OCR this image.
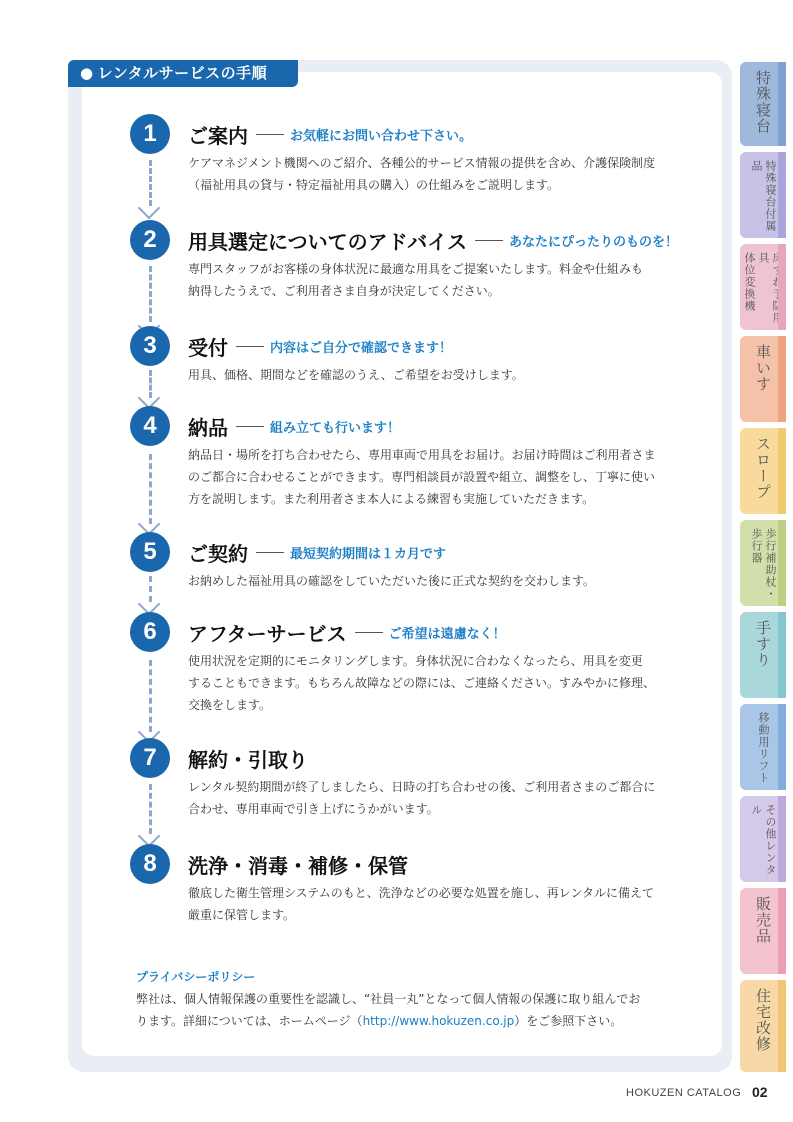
● レンタルサービスの手順
1	ご案内	お気軽にお問い合わせ下さい。
ケアマネジメント機関へのご紹介、各種公的サービス情報の提供を含め、介護保険制度
（福祉用具の貸与・特定福祉用具の購入）の仕組みをご説明します。
2	用具選定についてのアドバイス	あなたにぴったりのものを！
専門スタッフがお客様の身体状況に最適な用具をご提案いたします。料金や仕組みも
納得したうえで、ご利用者さま自身が決定してください。
3	受付	内容はご自分で確認できます！
用具、価格、期間などを確認のうえ、ご希望をお受けします。
4	納品	組み立ても行います！
納品日・場所を打ち合わせたら、専用車両で用具をお届け。お届け時間はご利用者さま
のご都合に合わせることができます。専門相談員が設置や組立、調整をし、丁寧に使い
方を説明します。また利用者さま本人による練習も実施していただきます。
5	ご契約	最短契約期間は１カ月です
お納めした福祉用具の確認をしていただいた後に正式な契約を交わします。
6	アフターサービス	ご希望は遠慮なく！
使用状況を定期的にモニタリングします。身体状況に合わなくなったら、用具を変更
することもできます。もちろん故障などの際には、ご連絡ください。すみやかに修理、
交換をします。
7	解約・引取り
レンタル契約期間が終了しましたら、日時の打ち合わせの後、ご利用者さまのご都合に
合わせ、専用車両で引き上げにうかがいます。
8	洗浄・消毒・補修・保管
徹底した衛生管理システムのもと、洗浄などの必要な処置を施し、再レンタルに備えて
厳重に保管します。
プライバシーポリシー
弊社は、個人情報保護の重要性を認識し、“社員一丸”となって個人情報の保護に取り組んでお
ります。詳細については、ホームページ（http://www.hokuzen.co.jp）をご参照下さい。
特殊寝台
特殊寝台付属品
具
体位変換機
車いす
スロープ
歩行補助杖・
歩行器
手すり
移動用リフト
その他レンタル
販売品
住宅改修
HOKUZEN CATALOG 02
